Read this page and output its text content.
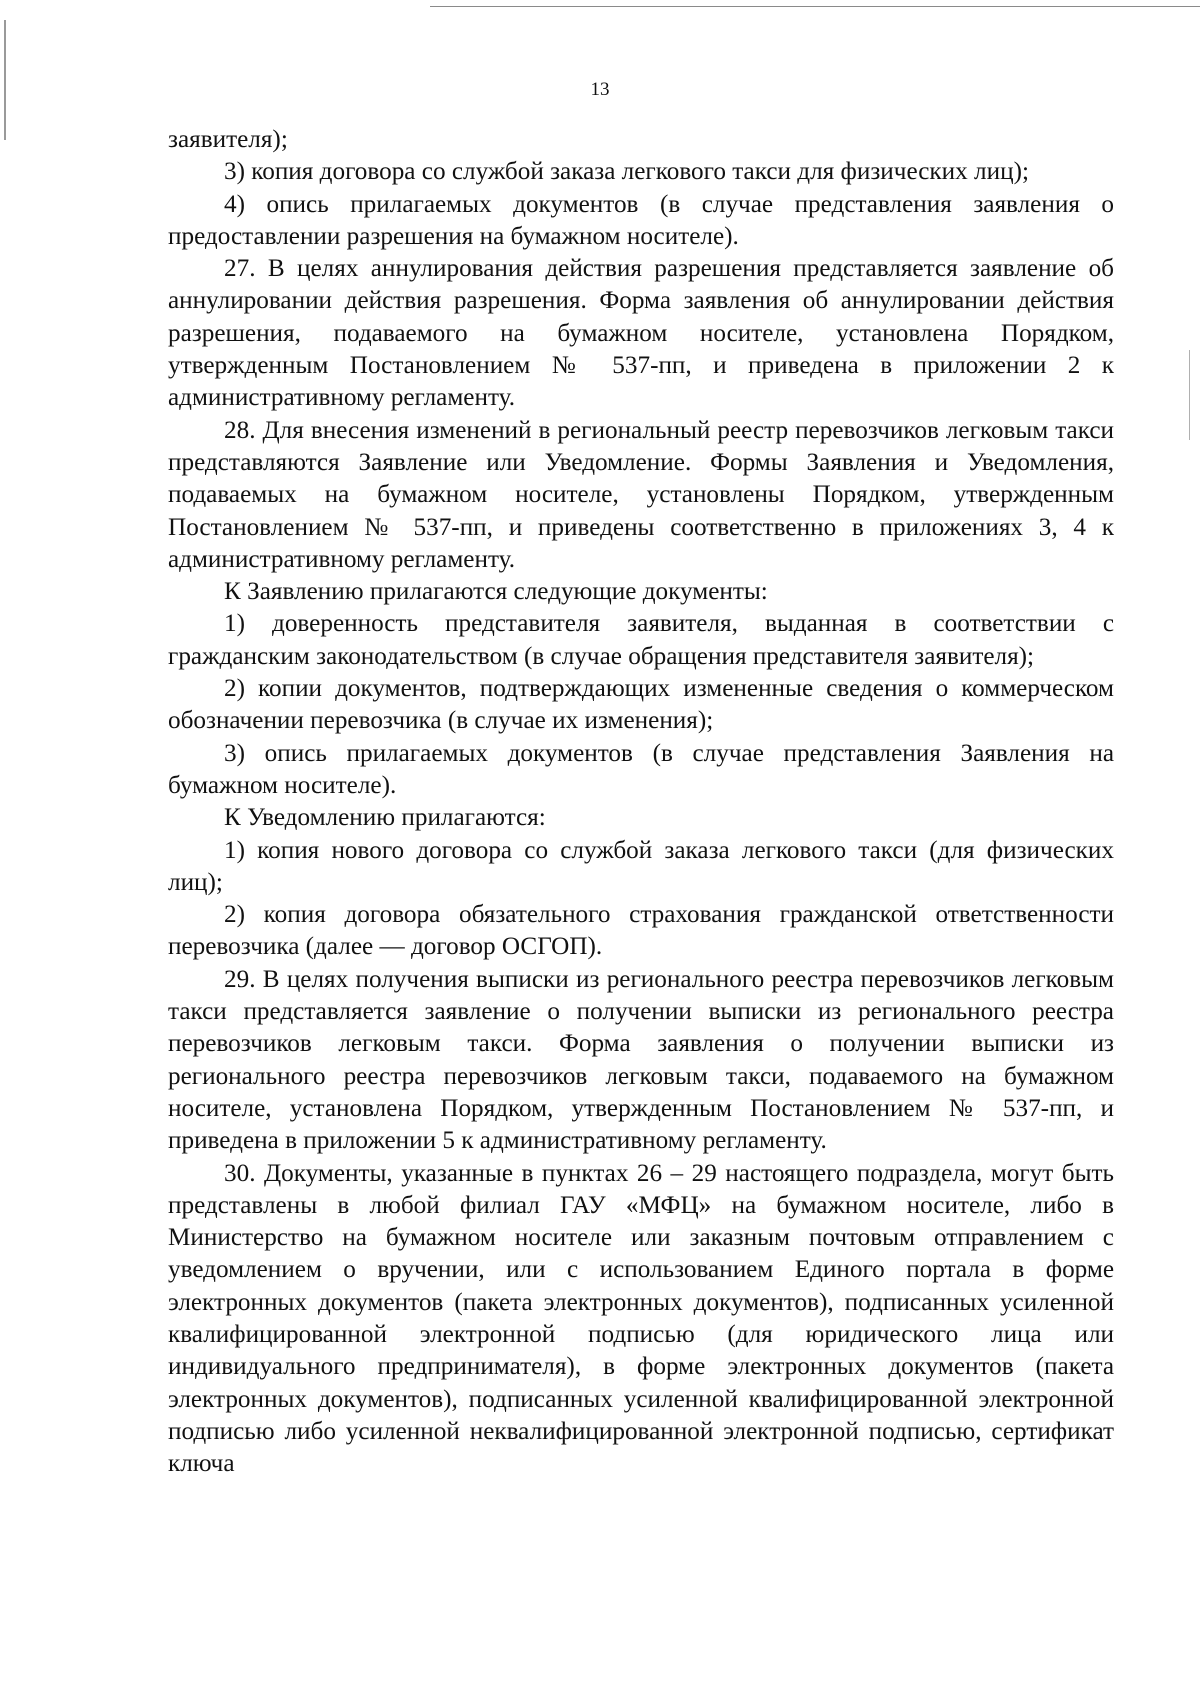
13

заявителя);

3) копия договора со службой заказа легкового такси для физических лиц);

4) опись прилагаемых документов (в случае представления заявления о предоставлении разрешения на бумажном носителе).

27. В целях аннулирования действия разрешения представляется заявление об аннулировании действия разрешения. Форма заявления об аннулировании действия разрешения, подаваемого на бумажном носителе, установлена Порядком, утвержденным Постановлением № 537-пп, и приведена в приложении 2 к административному регламенту.

28. Для внесения изменений в региональный реестр перевозчиков легковым такси представляются Заявление или Уведомление. Формы Заявления и Уведомления, подаваемых на бумажном носителе, установлены Порядком, утвержденным Постановлением № 537-пп, и приведены соответственно в приложениях 3, 4 к административному регламенту.

К Заявлению прилагаются следующие документы:

1) доверенность представителя заявителя, выданная в соответствии с гражданским законодательством (в случае обращения представителя заявителя);

2) копии документов, подтверждающих измененные сведения о коммерческом обозначении перевозчика (в случае их изменения);

3) опись прилагаемых документов (в случае представления Заявления на бумажном носителе).

К Уведомлению прилагаются:

1) копия нового договора со службой заказа легкового такси (для физических лиц);

2) копия договора обязательного страхования гражданской ответственности перевозчика (далее — договор ОСГОП).

29. В целях получения выписки из регионального реестра перевозчиков легковым такси представляется заявление о получении выписки из регионального реестра перевозчиков легковым такси. Форма заявления о получении выписки из регионального реестра перевозчиков легковым такси, подаваемого на бумажном носителе, установлена Порядком, утвержденным Постановлением № 537-пп, и приведена в приложении 5 к административному регламенту.

30. Документы, указанные в пунктах 26 – 29 настоящего подраздела, могут быть представлены в любой филиал ГАУ «МФЦ» на бумажном носителе, либо в Министерство на бумажном носителе или заказным почтовым отправлением с уведомлением о вручении, или с использованием Единого портала в форме электронных документов (пакета электронных документов), подписанных усиленной квалифицированной электронной подписью (для юридического лица или индивидуального предпринимателя), в форме электронных документов (пакета электронных документов), подписанных усиленной квалифицированной электронной подписью либо усиленной неквалифицированной электронной подписью, сертификат ключа
